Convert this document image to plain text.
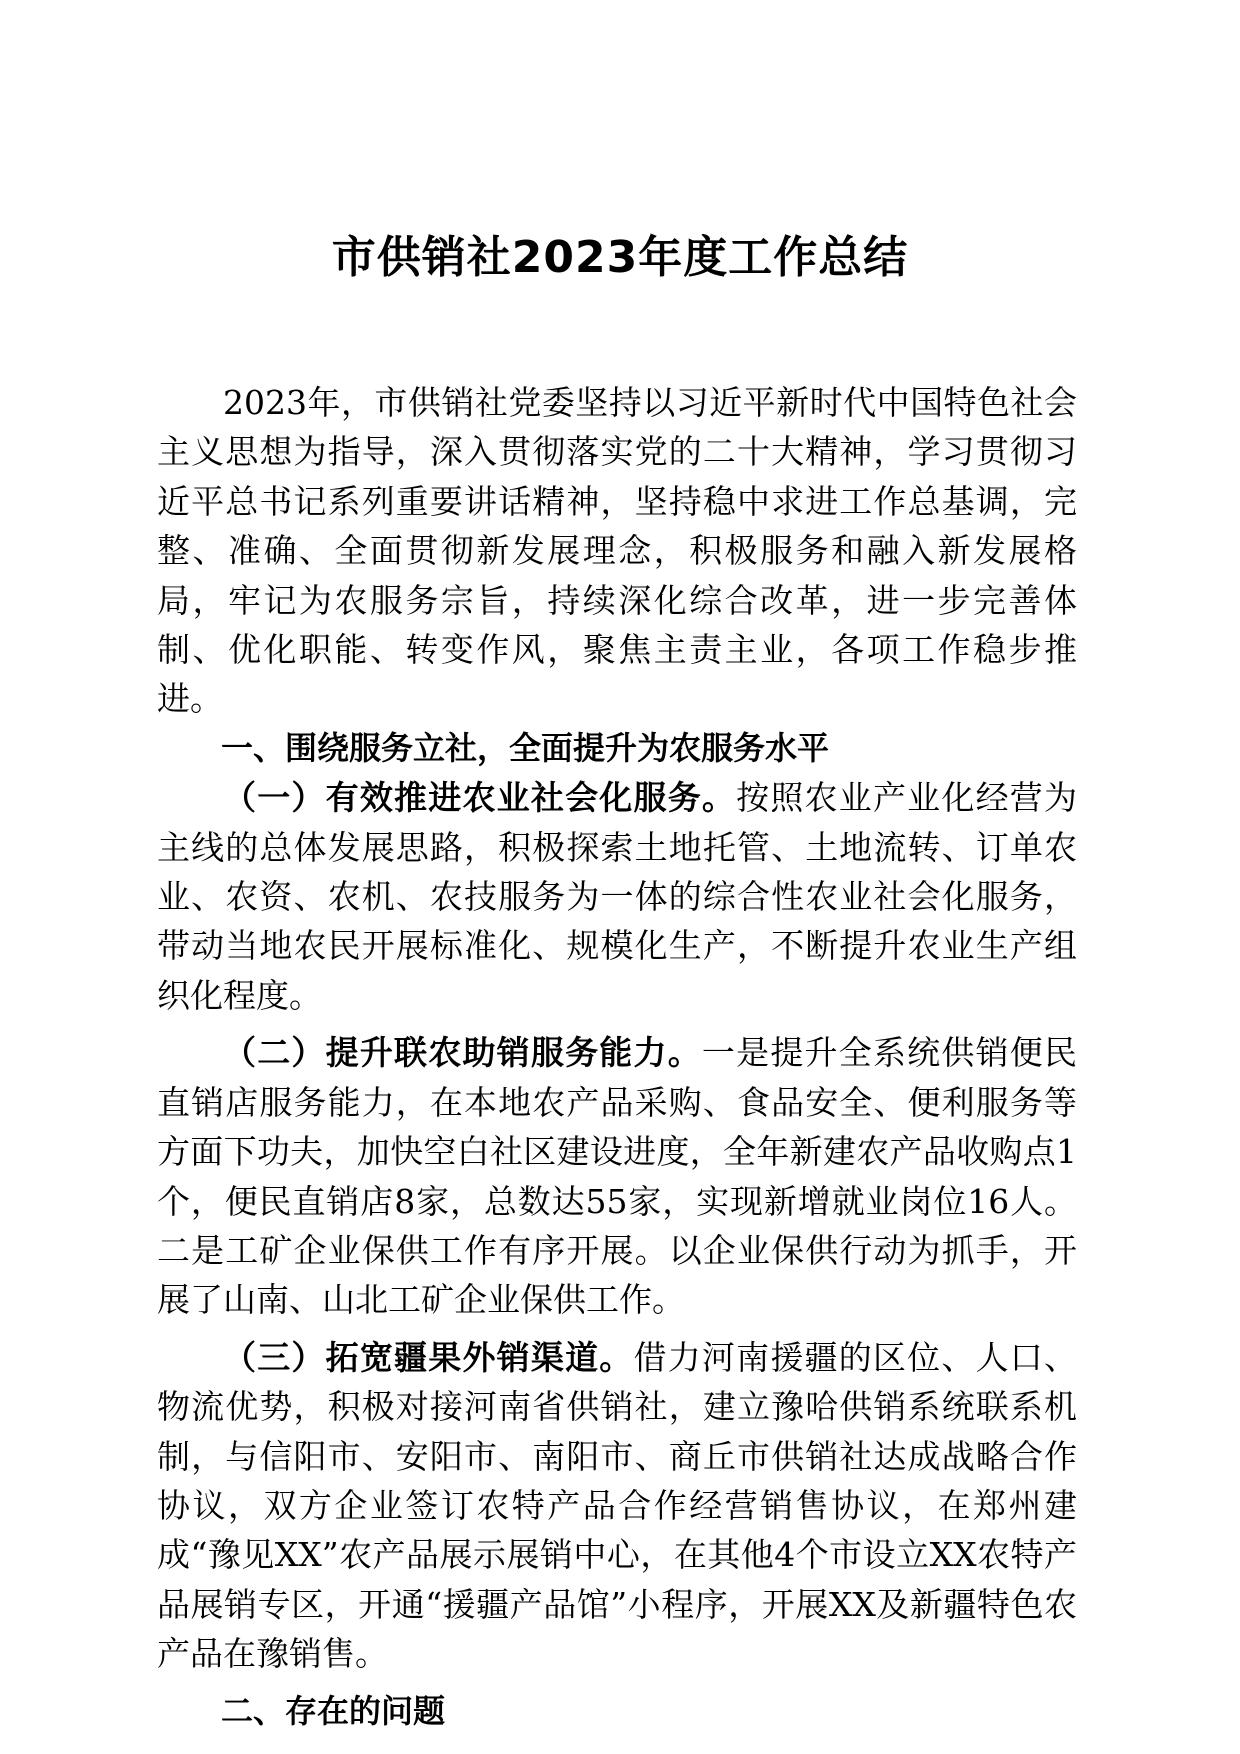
市供销社2023年度工作总结

2023年，市供销社党委坚持以习近平新时代中国特色社会主义思想为指导，深入贯彻落实党的二十大精神，学习贯彻习近平总书记系列重要讲话精神，坚持稳中求进工作总基调，完整、准确、全面贯彻新发展理念，积极服务和融入新发展格局，牢记为农服务宗旨，持续深化综合改革，进一步完善体制、优化职能、转变作风，聚焦主责主业，各项工作稳步推进。

一、围绕服务立社，全面提升为农服务水平

（一）有效推进农业社会化服务。按照农业产业化经营为主线的总体发展思路，积极探索土地托管、土地流转、订单农业、农资、农机、农技服务为一体的综合性农业社会化服务，带动当地农民开展标准化、规模化生产，不断提升农业生产组织化程度。

（二）提升联农助销服务能力。一是提升全系统供销便民直销店服务能力，在本地农产品采购、食品安全、便利服务等方面下功夫，加快空白社区建设进度，全年新建农产品收购点1个，便民直销店8家，总数达55家，实现新增就业岗位16人。二是工矿企业保供工作有序开展。以企业保供行动为抓手，开展了山南、山北工矿企业保供工作。

（三）拓宽疆果外销渠道。借力河南援疆的区位、人口、物流优势，积极对接河南省供销社，建立豫哈供销系统联系机制，与信阳市、安阳市、南阳市、商丘市供销社达成战略合作协议，双方企业签订农特产品合作经营销售协议，在郑州建成“豫见XX”农产品展示展销中心，在其他4个市设立XX农特产品展销专区，开通“援疆产品馆”小程序，开展XX及新疆特色农产品在豫销售。

二、存在的问题
